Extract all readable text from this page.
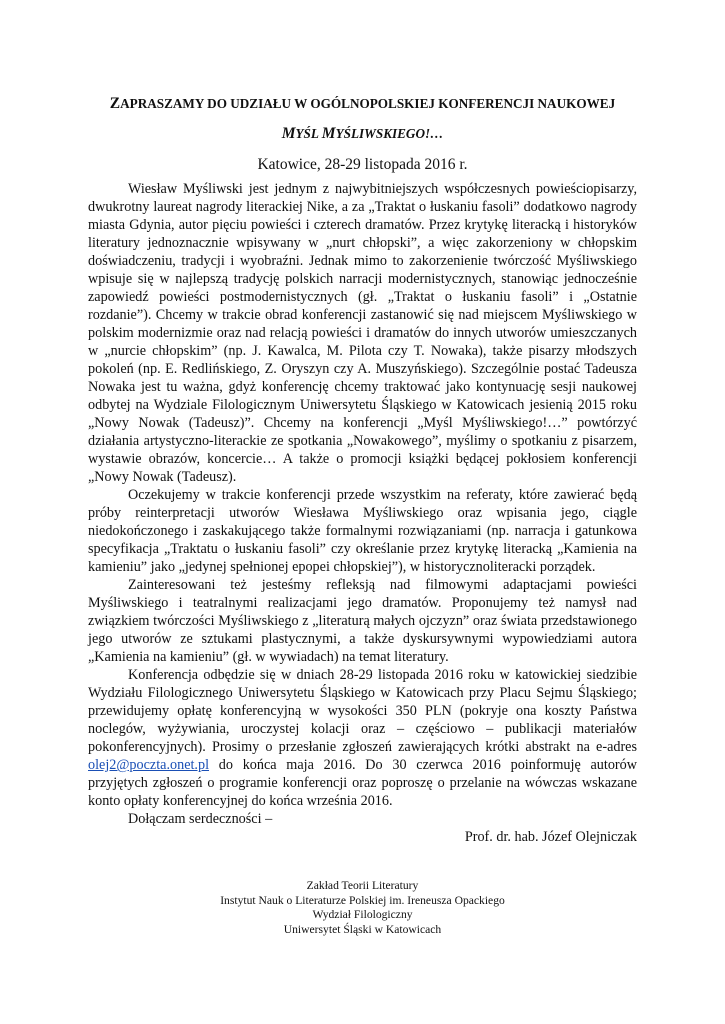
ZAPRASZAMY DO UDZIAŁU W OGÓLNOPOLSKIEJ KONFERENCJI NAUKOWEJ
MYŚL MYŚLIWSKIEGO!…
Katowice, 28-29 listopada 2016 r.

Wiesław Myśliwski jest jednym z najwybitniejszych współczesnych powieściopisarzy, dwukrotny laureat nagrody literackiej Nike, a za „Traktat o łuskaniu fasoli” dodatkowo nagrody miasta Gdynia, autor pięciu powieści i czterech dramatów. Przez krytykę literacką i historyków literatury jednoznacznie wpisywany w „nurt chłopski”, a więc zakorzeniony w chłopskim doświadczeniu, tradycji i wyobraźni. Jednak mimo to zakorzenienie twórczość Myśliwskiego wpisuje się w najlepszą tradycję polskich narracji modernistycznych, stanowiąc jednocześnie zapowiedź powieści postmodernistycznych (gł. „Traktat o łuskaniu fasoli” i „Ostatnie rozdanie”). Chcemy w trakcie obrad konferencji zastanowić się nad miejscem Myśliwskiego w polskim modernizmie oraz nad relacją powieści i dramatów do innych utworów umieszczanych w „nurcie chłopskim” (np. J. Kawalca, M. Pilota czy T. Nowaka), także pisarzy młodszych pokoleń (np. E. Redlińskiego, Z. Oryszyn czy A. Muszyńskiego). Szczególnie postać Tadeusza Nowaka jest tu ważna, gdyż konferencję chcemy traktować jako kontynuację sesji naukowej odbytej na Wydziale Filologicznym Uniwersytetu Śląskiego w Katowicach jesienią 2015 roku „Nowy Nowak (Tadeusz)”. Chcemy na konferencji „Myśl Myśliwskiego!…” powtórzyć działania artystyczno-literackie ze spotkania „Nowakowego”, myślimy o spotkaniu z pisarzem, wystawie obrazów, koncercie… A także o promocji książki będącej pokłosiem konferencji „Nowy Nowak (Tadeusz).

Oczekujemy w trakcie konferencji przede wszystkim na referaty, które zawierać będą próby reinterpretacji utworów Wiesława Myśliwskiego oraz wpisania jego, ciągle niedokończonego i zaskakującego także formalnymi rozwiązaniami (np. narracja i gatunkowa specyfikacja „Traktatu o łuskaniu fasoli” czy określanie przez krytykę literacką „Kamienia na kamieniu” jako „jedynej spełnionej epopei chłopskiej”), w historycznoliteracki porządek.

Zainteresowani też jesteśmy refleksją nad filmowymi adaptacjami powieści Myśliwskiego i teatralnymi realizacjami jego dramatów. Proponujemy też namysł nad związkiem twórczości Myśliwskiego z „literaturą małych ojczyzn” oraz świata przedstawionego jego utworów ze sztukami plastycznymi, a także dyskursywnymi wypowiedziami autora „Kamienia na kamieniu” (gł. w wywiadach) na temat literatury.

Konferencja odbędzie się w dniach 28-29 listopada 2016 roku w katowickiej siedzibie Wydziału Filologicznego Uniwersytetu Śląskiego w Katowicach przy Placu Sejmu Śląskiego; przewidujemy opłatę konferencyjną w wysokości 350 PLN (pokryje ona koszty Państwa noclegów, wyżywiania, uroczystej kolacji oraz – częściowo – publikacji materiałów pokonferencyjnych). Prosimy o przesłanie zgłoszeń zawierających krótki abstrakt na e-adres olej2@poczta.onet.pl do końca maja 2016. Do 30 czerwca 2016 poinformuję autorów przyjętych zgłoszeń o programie konferencji oraz poproszę o przelanie na wówczas wskazane konto opłaty konferencyjnej do końca września 2016.

Dołączam serdeczności –

Prof. dr. hab. Józef Olejniczak
Zakład Teorii Literatury
Instytut Nauk o Literaturze Polskiej im. Ireneusza Opackiego
Wydział Filologiczny
Uniwersytet Śląski w Katowicach
